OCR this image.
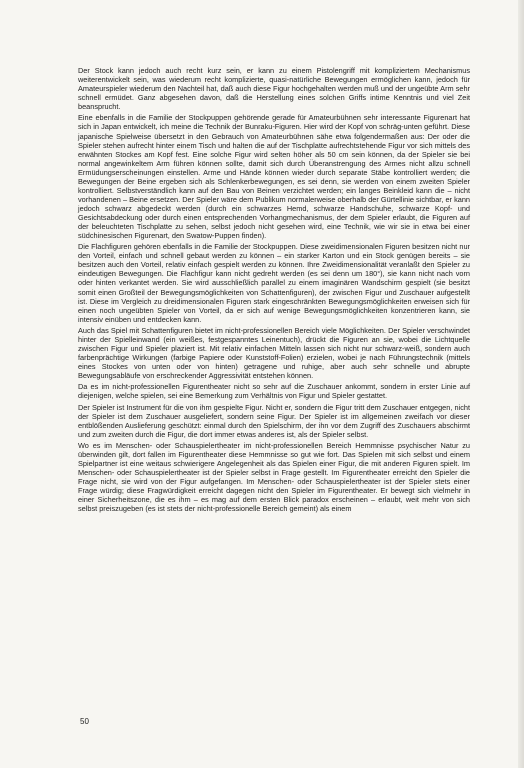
Der Stock kann jedoch auch recht kurz sein, er kann zu einem Pistolengriff mit kompliziertem Mechanismus weiterentwickelt sein, was wiederum recht komplizierte, quasi-natürliche Bewegungen ermöglichen kann, jedoch für Amateurspieler wiederum den Nachteil hat, daß auch diese Figur hochgehalten werden muß und der ungeübte Arm sehr schnell ermüdet. Ganz abgesehen davon, daß die Herstellung eines solchen Griffs intime Kenntnis und viel Zeit beansprucht.

Eine ebenfalls in die Familie der Stockpuppen gehörende gerade für Amateurbühnen sehr interessante Figurenart hat sich in Japan entwickelt, ich meine die Technik der Bunraku-Figuren. Hier wird der Kopf von schräg-unten geführt. Diese japanische Spielweise übersetzt in den Gebrauch von Amateurbühnen sähe etwa folgendermaßen aus: Der oder die Spieler stehen aufrecht hinter einem Tisch und halten die auf der Tischplatte aufrechtstehende Figur vor sich mittels des erwähnten Stockes am Kopf fest. Eine solche Figur wird selten höher als 50 cm sein können, da der Spieler sie bei normal angewinkeltem Arm führen können sollte, damit sich durch Überanstrengung des Armes nicht allzu schnell Ermüdungserscheinungen einstellen. Arme und Hände können wieder durch separate Stäbe kontrolliert werden; die Bewegungen der Beine ergeben sich als Schlenkerbewegungen, es sei denn, sie werden von einem zweiten Spieler kontrolliert. Selbstverständlich kann auf den Bau von Beinen verzichtet werden; ein langes Beinkleid kann die – nicht vorhandenen – Beine ersetzen. Der Spieler wäre dem Publikum normalerweise oberhalb der Gürtellinie sichtbar, er kann jedoch schwarz abgedeckt werden (durch ein schwarzes Hemd, schwarze Handschuhe, schwarze Kopf- und Gesichtsabdeckung oder durch einen entsprechenden Vorhangmechanismus, der dem Spieler erlaubt, die Figuren auf der beleuchteten Tischplatte zu sehen, selbst jedoch nicht gesehen wird, eine Technik, wie wir sie in etwa bei einer südchinesischen Figurenart, den Swatow-Puppen finden).

Die Flachfiguren gehören ebenfalls in die Familie der Stockpuppen. Diese zweidimensionalen Figuren besitzen nicht nur den Vorteil, einfach und schnell gebaut werden zu können – ein starker Karton und ein Stock genügen bereits – sie besitzen auch den Vorteil, relativ einfach gespielt werden zu können. Ihre Zweidimensionalität veranlaßt den Spieler zu eindeutigen Bewegungen. Die Flachfigur kann nicht gedreht werden (es sei denn um 180°), sie kann nicht nach vorn oder hinten verkantet werden. Sie wird ausschließlich parallel zu einem imaginären Wandschirm gespielt (sie besitzt somit einen Großteil der Bewegungsmöglichkeiten von Schattenfiguren), der zwischen Figur und Zuschauer aufgestellt ist. Diese im Vergleich zu dreidimensionalen Figuren stark eingeschränkten Bewegungsmöglichkeiten erweisen sich für einen noch ungeübten Spieler von Vorteil, da er sich auf wenige Bewegungsmöglichkeiten konzentrieren kann, sie intensiv einüben und entdecken kann.

Auch das Spiel mit Schattenfiguren bietet im nicht-professionellen Bereich viele Möglichkeiten. Der Spieler verschwindet hinter der Spielleinwand (ein weißes, festgespanntes Leinentuch), drückt die Figuren an sie, wobei die Lichtquelle zwischen Figur und Spieler plaziert ist. Mit relativ einfachen Mitteln lassen sich nicht nur schwarz-weiß, sondern auch farbenprächtige Wirkungen (farbige Papiere oder Kunststoff-Folien) erzielen, wobei je nach Führungstechnik (mittels eines Stockes von unten oder von hinten) getragene und ruhige, aber auch sehr schnelle und abrupte Bewegungsabläufe von erschreckender Aggressivität entstehen können.

Da es im nicht-professionellen Figurentheater nicht so sehr auf die Zuschauer ankommt, sondern in erster Linie auf diejenigen, welche spielen, sei eine Bemerkung zum Verhältnis von Figur und Spieler gestattet.

Der Spieler ist Instrument für die von ihm gespielte Figur. Nicht er, sondern die Figur tritt dem Zuschauer entgegen, nicht der Spieler ist dem Zuschauer ausgeliefert, sondern seine Figur. Der Spieler ist im allgemeinen zweifach vor dieser entblößenden Auslieferung geschützt: einmal durch den Spielschirm, der ihn vor dem Zugriff des Zuschauers abschirmt und zum zweiten durch die Figur, die dort immer etwas anderes ist, als der Spieler selbst.

Wo es im Menschen- oder Schauspielertheater im nicht-professionellen Bereich Hemmnisse psychischer Natur zu überwinden gilt, dort fallen im Figurentheater diese Hemmnisse so gut wie fort. Das Spielen mit sich selbst und einem Spielpartner ist eine weitaus schwierigere Angelegenheit als das Spielen einer Figur, die mit anderen Figuren spielt. Im Menschen- oder Schauspielertheater ist der Spieler selbst in Frage gestellt. Im Figurentheater erreicht den Spieler die Frage nicht, sie wird von der Figur aufgefangen. Im Menschen- oder Schauspielertheater ist der Spieler stets einer Frage würdig; diese Fragwürdigkeit erreicht dagegen nicht den Spieler im Figurentheater. Er bewegt sich vielmehr in einer Sicherheitszone, die es ihm – es mag auf dem ersten Blick paradox erscheinen – erlaubt, weit mehr von sich selbst preiszugeben (es ist stets der nicht-professionelle Bereich gemeint) als einem

50
